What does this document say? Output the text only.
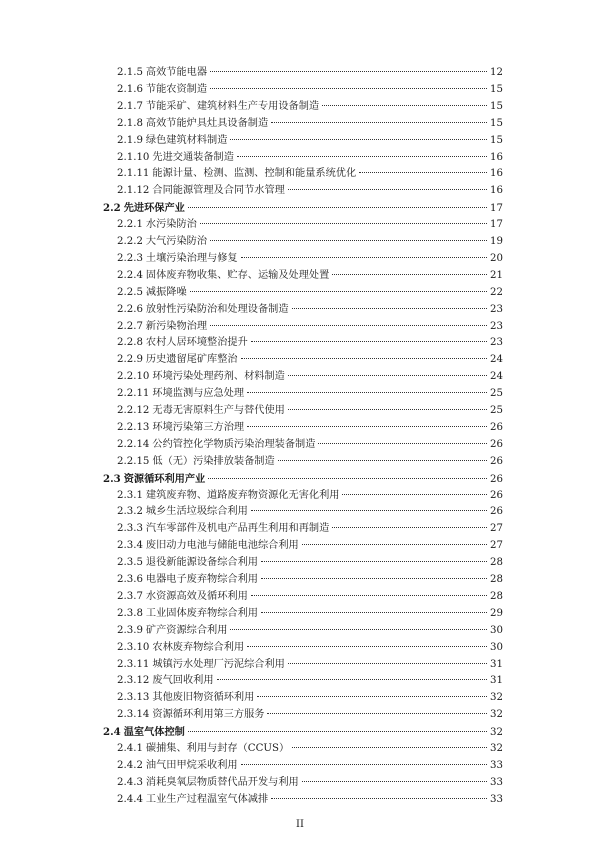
2.1.5 高效节能电器	12
2.1.6 节能农资制造	15
2.1.7 节能采矿、建筑材料生产专用设备制造	15
2.1.8 高效节能炉具灶具设备制造	15
2.1.9 绿色建筑材料制造	15
2.1.10 先进交通装备制造	16
2.1.11 能源计量、检测、监测、控制和能量系统优化	16
2.1.12 合同能源管理及合同节水管理	16
2.2 先进环保产业	17
2.2.1 水污染防治	17
2.2.2 大气污染防治	19
2.2.3 土壤污染治理与修复	20
2.2.4 固体废弃物收集、贮存、运输及处理处置	21
2.2.5 减振降噪	22
2.2.6 放射性污染防治和处理设备制造	23
2.2.7 新污染物治理	23
2.2.8 农村人居环境整治提升	23
2.2.9 历史遗留尾矿库整治	24
2.2.10 环境污染处理药剂、材料制造	24
2.2.11 环境监测与应急处理	25
2.2.12 无毒无害原料生产与替代使用	25
2.2.13 环境污染第三方治理	26
2.2.14 公约管控化学物质污染治理装备制造	26
2.2.15 低（无）污染排放装备制造	26
2.3 资源循环利用产业	26
2.3.1 建筑废弃物、道路废弃物资源化无害化利用	26
2.3.2 城乡生活垃圾综合利用	26
2.3.3 汽车零部件及机电产品再生利用和再制造	27
2.3.4 废旧动力电池与储能电池综合利用	27
2.3.5 退役新能源设备综合利用	28
2.3.6 电器电子废弃物综合利用	28
2.3.7 水资源高效及循环利用	28
2.3.8 工业固体废弃物综合利用	29
2.3.9 矿产资源综合利用	30
2.3.10 农林废弃物综合利用	30
2.3.11 城镇污水处理厂污泥综合利用	31
2.3.12 废气回收利用	31
2.3.13 其他废旧物资循环利用	32
2.3.14 资源循环利用第三方服务	32
2.4 温室气体控制	32
2.4.1 碳捕集、利用与封存（CCUS）	32
2.4.2 油气田甲烷采收利用	33
2.4.3 消耗臭氧层物质替代品开发与利用	33
2.4.4 工业生产过程温室气体减排	33
II
